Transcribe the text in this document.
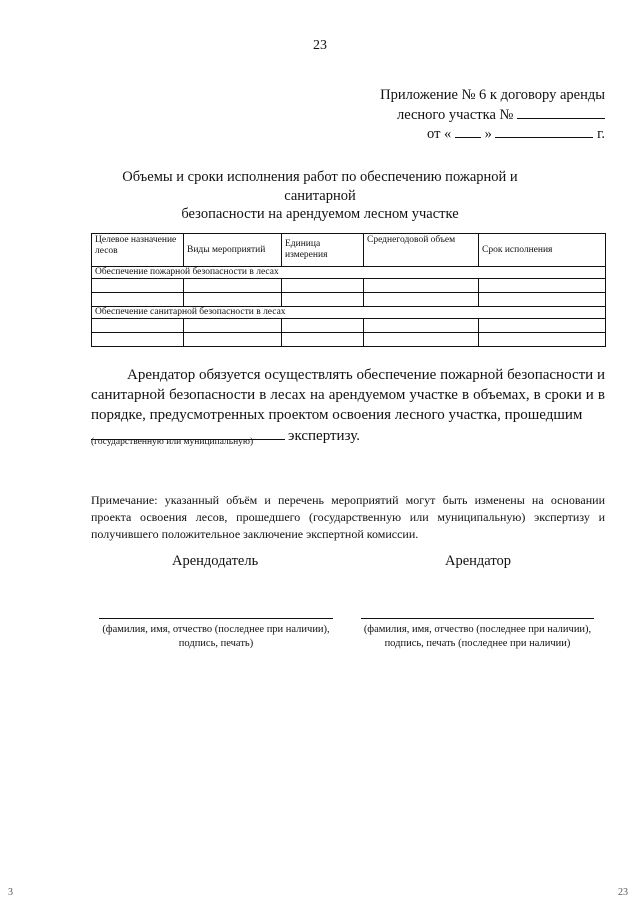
23
Приложение № 6 к договору аренды
лесного участка №
от « »	г.
Объемы и сроки исполнения работ по обеспечению пожарной и санитарной
безопасности на арендуемом лесном участке
Целевое назначение лесов	Виды мероприятий	Единица измерения	Среднегодовой объем	Срок исполнения
Обеспечение пожарной безопасности в лесах				

Обеспечение санитарной безопасности в лесах				

Арендатор обязуется осуществлять обеспечение пожарной безопасности и санитарной безопасности в лесах на арендуемом участке в объемах, в сроки и в порядке, предусмотренных проектом освоения лесного участка, прошедшим
экспертизу.
(государственную или муниципальную)
Примечание: указанный объём и перечень мероприятий могут быть изменены на основании проекта освоения лесов, прошедшего (государственную или муниципальную) экспертизу и получившего положительное заключение экспертной комиссии.
Арендодатель	Арендатор
(фамилия, имя, отчество (последнее при наличии),
подпись, печать)
(фамилия, имя, отчество (последнее при наличии),
подпись, печать (последнее при наличии)
3	23
